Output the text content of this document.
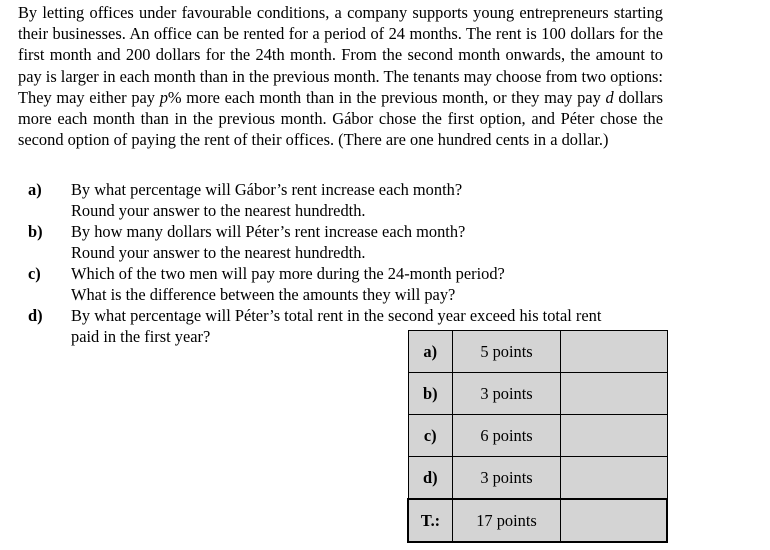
By letting offices under favourable conditions, a company supports young entrepreneurs starting their businesses. An office can be rented for a period of 24 months. The rent is 100 dollars for the first month and 200 dollars for the 24th month. From the second month onwards, the amount to pay is larger in each month than in the previous month. The tenants may choose from two options: They may either pay p% more each month than in the previous month, or they may pay d dollars more each month than in the previous month. Gábor chose the first option, and Péter chose the second option of paying the rent of their offices. (There are one hundred cents in a dollar.)
a) By what percentage will Gábor’s rent increase each month?
Round your answer to the nearest hundredth.
b) By how many dollars will Péter’s rent increase each month?
Round your answer to the nearest hundredth.
c) Which of the two men will pay more during the 24-month period?
What is the difference between the amounts they will pay?
d) By what percentage will Péter’s total rent in the second year exceed his total rent
paid in the first year?
a)	5 points	
b)	3 points	
c)	6 points	
d)	3 points	
T.:	17 points	
